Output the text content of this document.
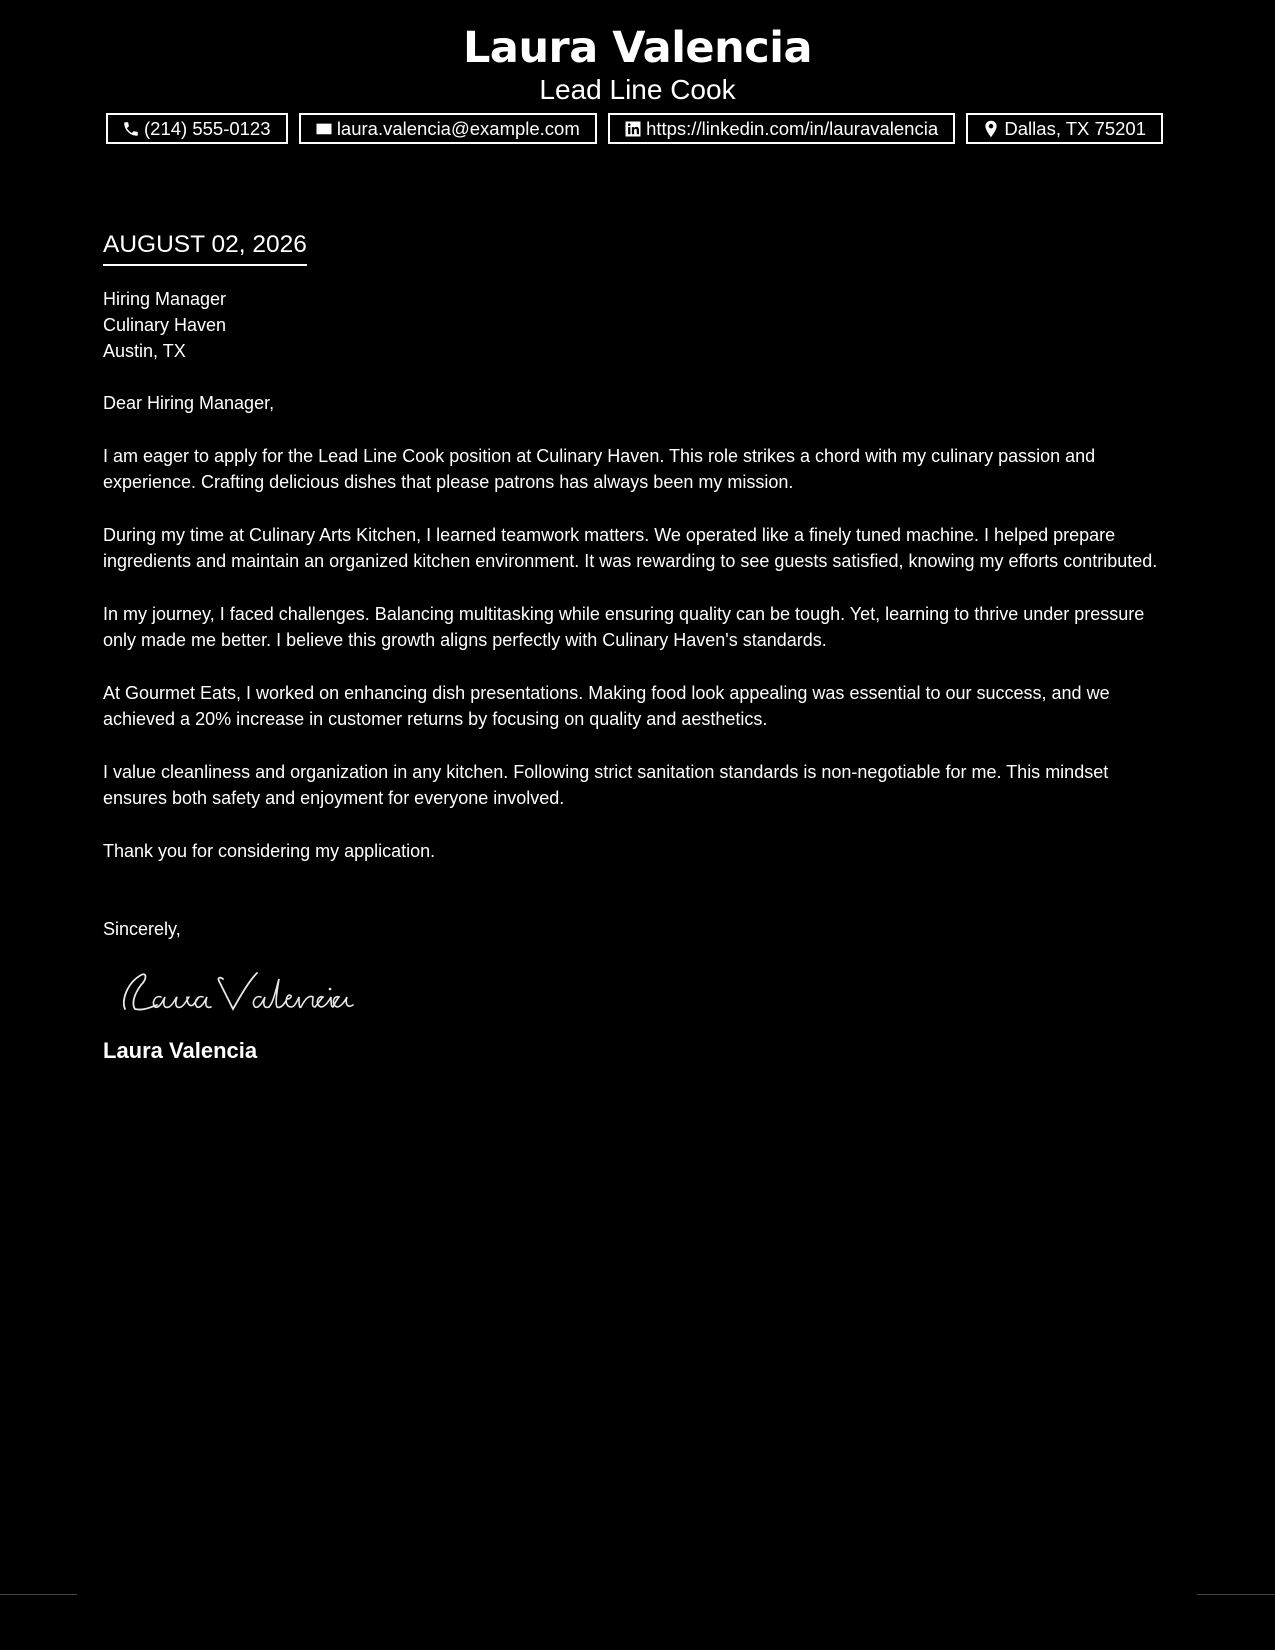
Laura Valencia
Lead Line Cook
(214) 555-0123	laura.valencia@example.com	https://linkedin.com/in/lauravalencia	Dallas, TX 75201
AUGUST 02, 2026
Hiring Manager
Culinary Haven
Austin, TX
Dear Hiring Manager,
I am eager to apply for the Lead Line Cook position at Culinary Haven. This role strikes a chord with my culinary passion and experience. Crafting delicious dishes that please patrons has always been my mission.
During my time at Culinary Arts Kitchen, I learned teamwork matters. We operated like a finely tuned machine. I helped prepare ingredients and maintain an organized kitchen environment. It was rewarding to see guests satisfied, knowing my efforts contributed.
In my journey, I faced challenges. Balancing multitasking while ensuring quality can be tough. Yet, learning to thrive under pressure only made me better. I believe this growth aligns perfectly with Culinary Haven's standards.
At Gourmet Eats, I worked on enhancing dish presentations. Making food look appealing was essential to our success, and we achieved a 20% increase in customer returns by focusing on quality and aesthetics.
I value cleanliness and organization in any kitchen. Following strict sanitation standards is non-negotiable for me. This mindset ensures both safety and enjoyment for everyone involved.
Thank you for considering my application.
Sincerely,
Laura Valencia
